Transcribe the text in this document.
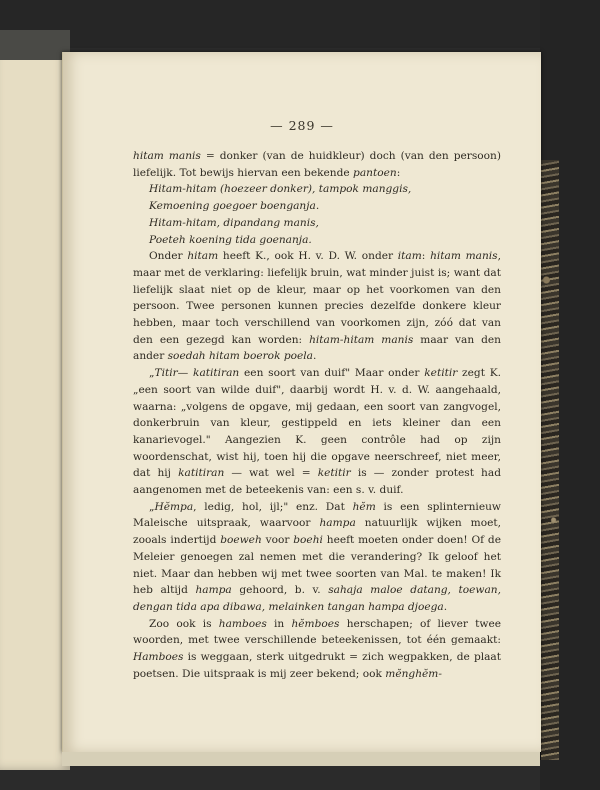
— 289 —

hitam manis = donker (van de huidkleur) doch (van den persoon) liefelijk. Tot bewijs hiervan een bekende pantoen:

Hitam-hitam (hoezeer donker), tampok manggis,

Kemoening goegoer boenganja.

Hitam-hitam, dipandang manis,

Poeteh koening tida goenanja.

Onder hitam heeft K., ook H. v. D. W. onder itam: hitam manis, maar met de verklaring: liefelijk bruin, wat minder juist is; want dat liefelijk slaat niet op de kleur, maar op het voorkomen van den persoon. Twee personen kunnen precies dezelfde donkere kleur hebben, maar toch verschillend van voorkomen zijn, zóó dat van den een gezegd kan worden: hitam-hitam manis maar van den ander soedah hitam boerok poela.

„Titir— katitiran een soort van duif" Maar onder ketitir zegt K. „een soort van wilde duif", daarbij wordt H. v. d. W. aangehaald, waarna: „volgens de opgave, mij gedaan, een soort van zangvogel, donkerbruin van kleur, gestippeld en iets kleiner dan een kanarievogel." Aangezien K. geen contrôle had op zijn woordenschat, wist hij, toen hij die opgave neerschreef, niet meer, dat hij katitiran — wat wel = ketitir is — zonder protest had aangenomen met de beteekenis van: een s. v. duif.

„Hĕmpa, ledig, hol, ijl;" enz. Dat hĕm is een splinternieuw Maleische uitspraak, waarvoor hampa natuurlijk wijken moet, zooals indertijd boeweh voor boehi heeft moeten onder doen! Of de Meleier genoegen zal nemen met die verandering? Ik geloof het niet. Maar dan hebben wij met twee soorten van Mal. te maken! Ik heb altijd hampa gehoord, b. v. sahaja maloe datang, toewan, dengan tida apa dibawa, melainken tangan hampa djoega.

Zoo ook is hamboes in hĕmboes herschapen; of liever twee woorden, met twee verschillende beteekenissen, tot één gemaakt: Hamboes is weggaan, sterk uitgedrukt = zich wegpakken, de plaat poetsen. Die uitspraak is mij zeer bekend; ook mĕnghĕm-
